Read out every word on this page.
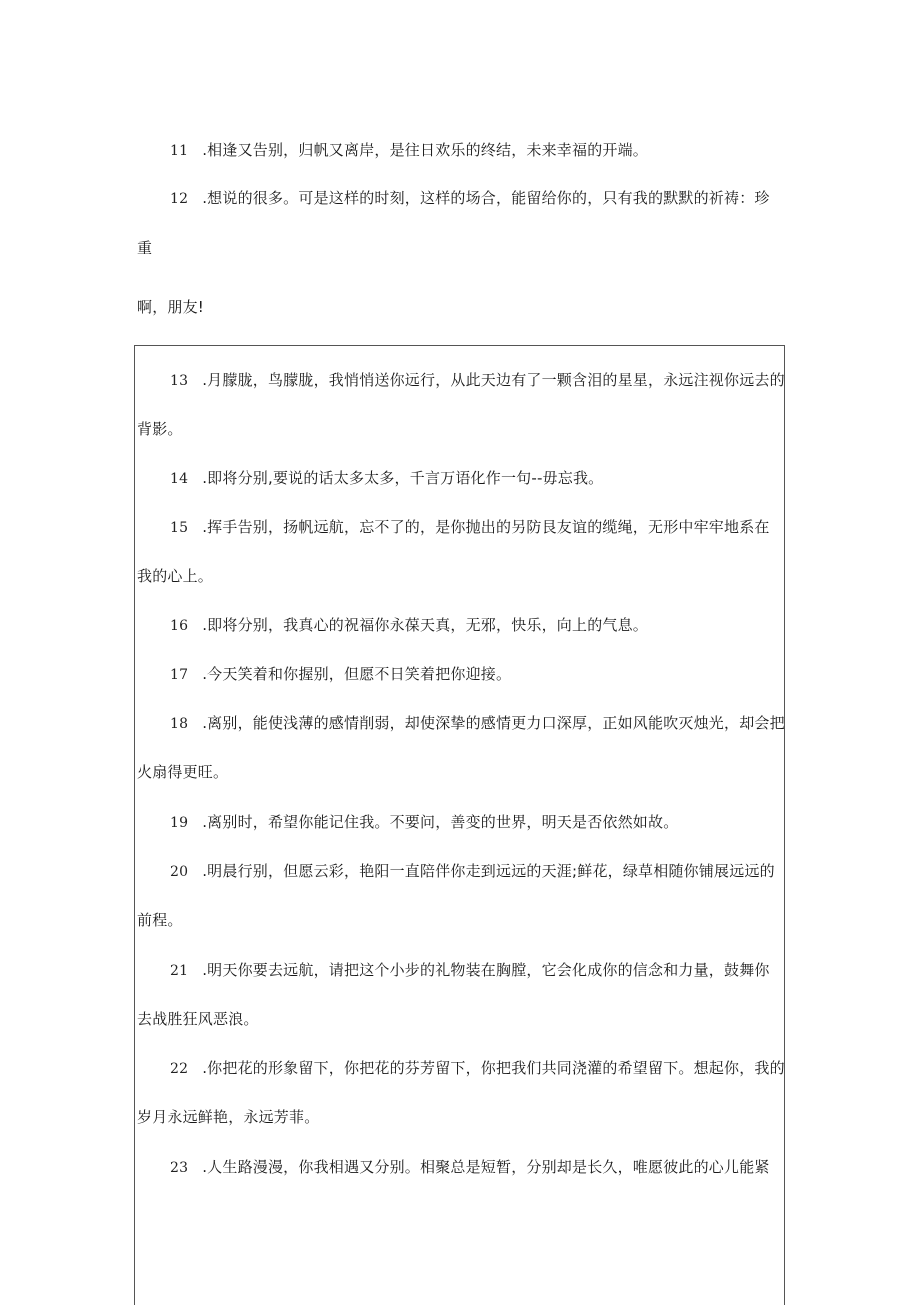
11 .相逢又告别，归帆又离岸，是往日欢乐的终结，未来幸福的开端。
12 .想说的很多。可是这样的时刻，这样的场合，能留给你的，只有我的默默的祈祷：珍
重
啊，朋友!
13 .月朦胧，鸟朦胧，我悄悄送你远行，从此天边有了一颗含泪的星星，永远注视你远去的
背影。
14 .即将分别,要说的话太多太多，千言万语化作一句--毋忘我。
15 .挥手告别，扬帆远航，忘不了的，是你抛出的另防艮友谊的缆绳，无形中牢牢地系在
我的心上。
16 .即将分别，我真心的祝福你永葆天真，无邪，快乐，向上的气息。
17 .今天笑着和你握别，但愿不日笑着把你迎接。
18 .离别，能使浅薄的感情削弱，却使深挚的感情更力口深厚，正如风能吹灭烛光，却会把
火扇得更旺。
19 .离别时，希望你能记住我。不要问，善变的世界，明天是否依然如故。
20 .明晨行别，但愿云彩，艳阳一直陪伴你走到远远的天涯;鲜花，绿草相随你铺展远远的
前程。
21 .明天你要去远航，请把这个小步的礼物装在胸膛，它会化成你的信念和力量，鼓舞你
去战胜狂风恶浪。
22 .你把花的形象留下，你把花的芬芳留下，你把我们共同浇灌的希望留下。想起你，我的
岁月永远鲜艳，永远芳菲。
23 .人生路漫漫，你我相遇又分别。相聚总是短暂，分别却是长久，唯愿彼此的心儿能紧
